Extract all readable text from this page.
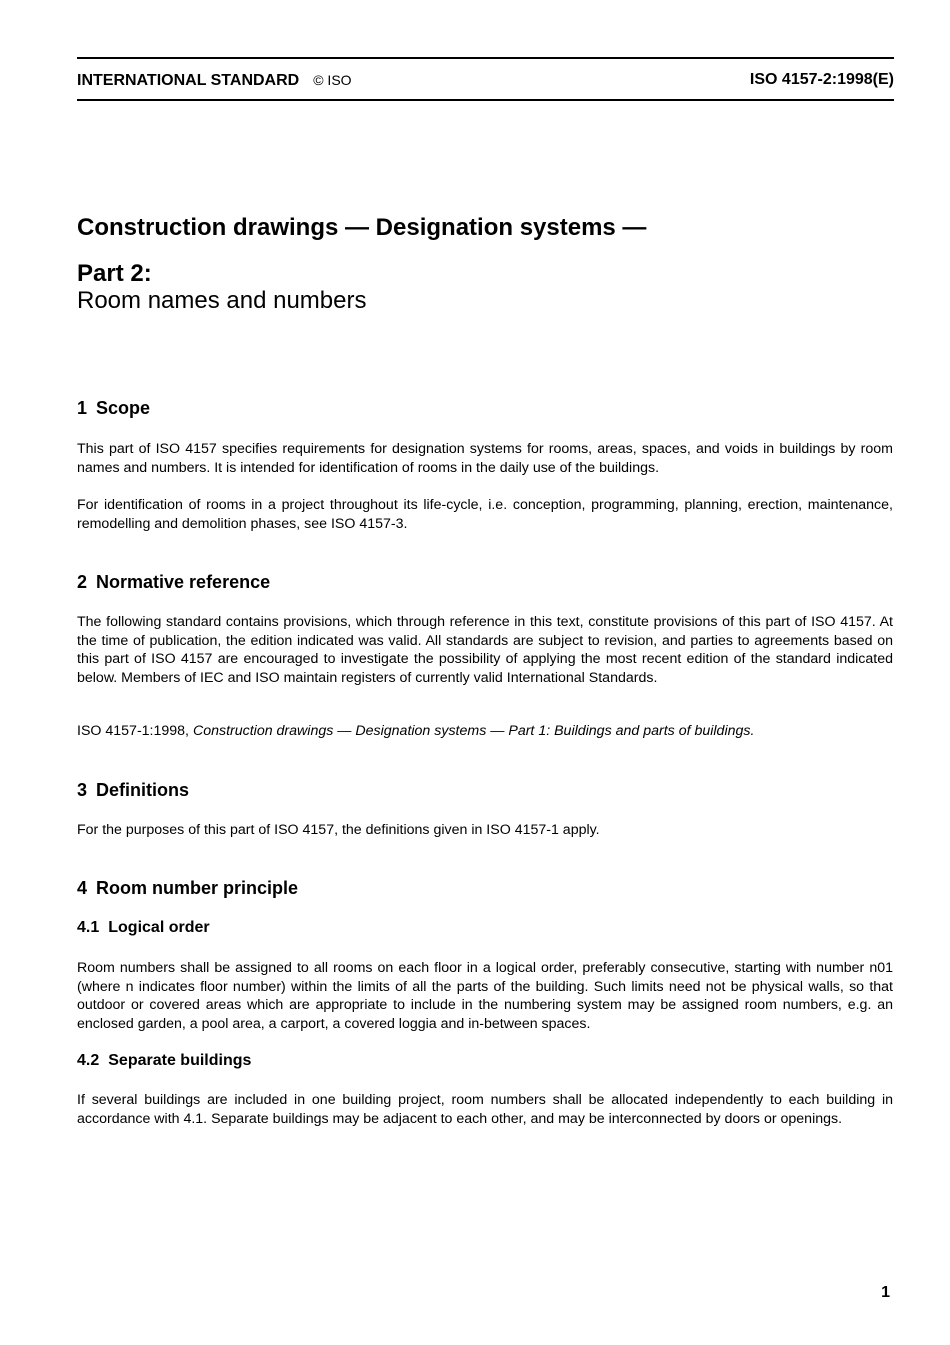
INTERNATIONAL STANDARD © ISO	ISO 4157-2:1998(E)
Construction drawings — Designation systems —
Part 2:
Room names and numbers
1 Scope
This part of ISO 4157 specifies requirements for designation systems for rooms, areas, spaces, and voids in buildings by room names and numbers. It is intended for identification of rooms in the daily use of the buildings.
For identification of rooms in a project throughout its life-cycle, i.e. conception, programming, planning, erection, maintenance, remodelling and demolition phases, see ISO 4157-3.
2 Normative reference
The following standard contains provisions, which through reference in this text, constitute provisions of this part of ISO 4157. At the time of publication, the edition indicated was valid. All standards are subject to revision, and parties to agreements based on this part of ISO 4157 are encouraged to investigate the possibility of applying the most recent edition of the standard indicated below. Members of IEC and ISO maintain registers of currently valid International Standards.
ISO 4157-1:1998, Construction drawings — Designation systems — Part 1: Buildings and parts of buildings.
3 Definitions
For the purposes of this part of ISO 4157, the definitions given in ISO 4157-1 apply.
4 Room number principle
4.1 Logical order
Room numbers shall be assigned to all rooms on each floor in a logical order, preferably consecutive, starting with number n01 (where n indicates floor number) within the limits of all the parts of the building. Such limits need not be physical walls, so that outdoor or covered areas which are appropriate to include in the numbering system may be assigned room numbers, e.g. an enclosed garden, a pool area, a carport, a covered loggia and in-between spaces.
4.2 Separate buildings
If several buildings are included in one building project, room numbers shall be allocated independently to each building in accordance with 4.1. Separate buildings may be adjacent to each other, and may be interconnected by doors or openings.
1
